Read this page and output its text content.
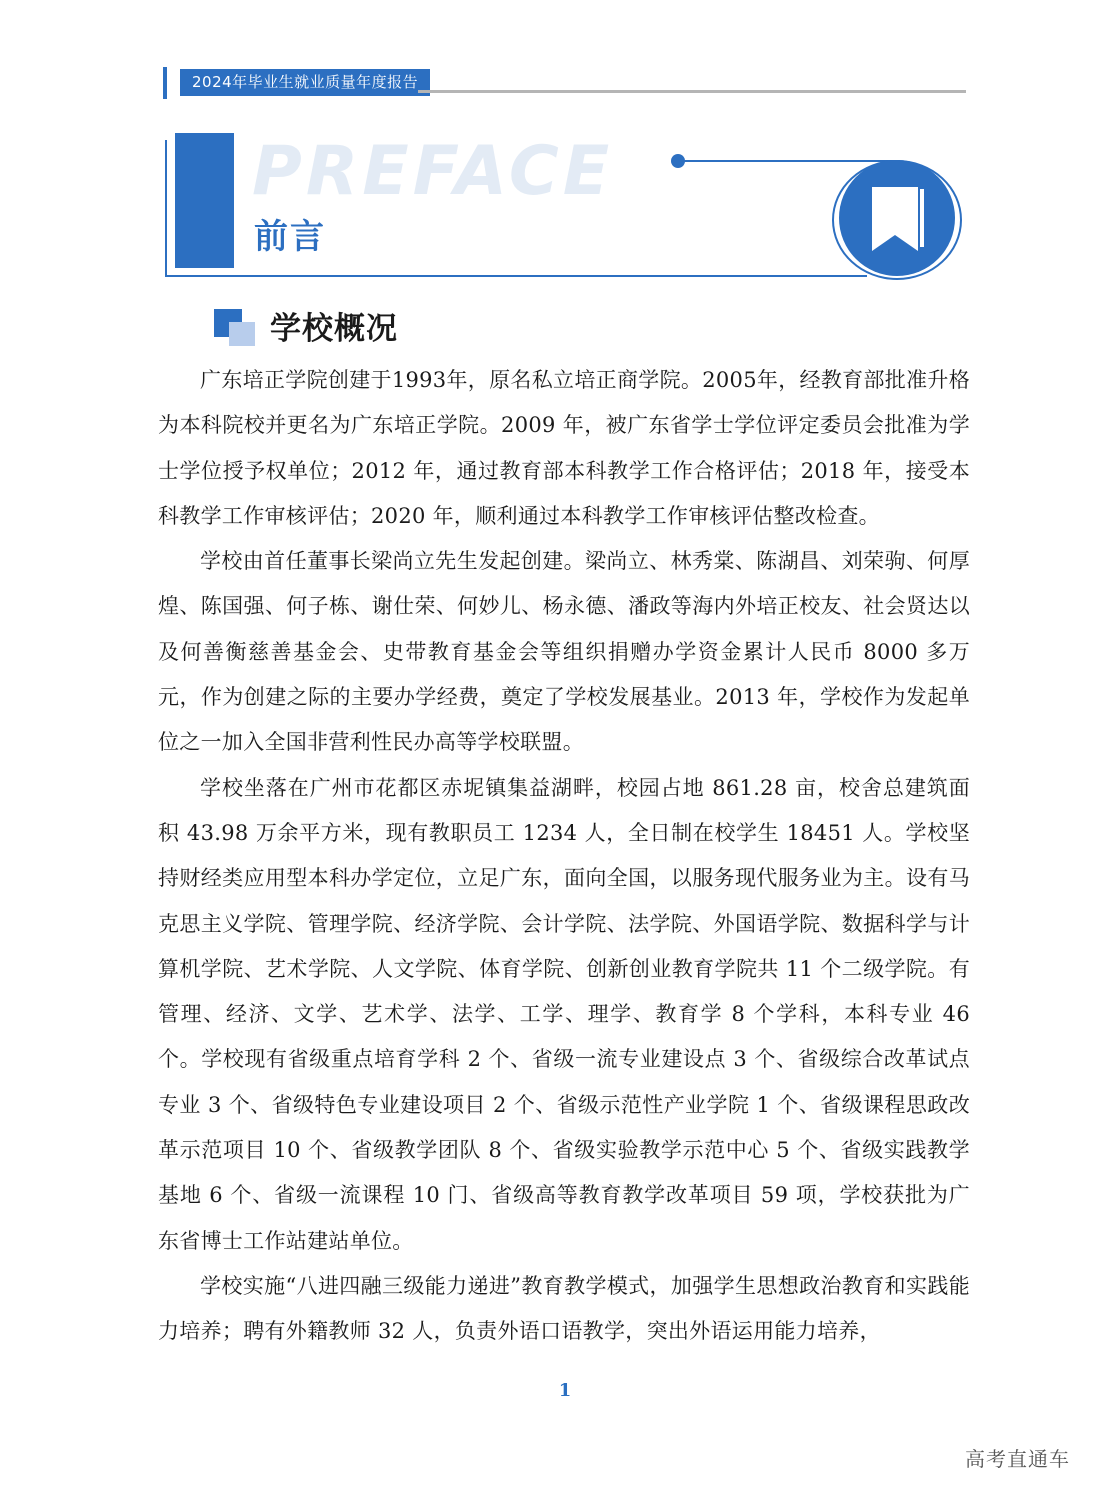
2024年毕业生就业质量年度报告
PREFACE
前言
学校概况

广东培正学院创建于1993年，原名私立培正商学院。2005年，经教育部批准升格为本科院校并更名为广东培正学院。2009 年，被广东省学士学位评定委员会批准为学士学位授予权单位；2012 年，通过教育部本科教学工作合格评估；2018 年，接受本科教学工作审核评估；2020 年，顺利通过本科教学工作审核评估整改检查。

学校由首任董事长梁尚立先生发起创建。梁尚立、林秀棠、陈湖昌、刘荣驹、何厚煌、陈国强、何子栋、谢仕荣、何妙儿、杨永德、潘政等海内外培正校友、社会贤达以及何善衡慈善基金会、史带教育基金会等组织捐赠办学资金累计人民币 8000 多万元，作为创建之际的主要办学经费，奠定了学校发展基业。2013 年，学校作为发起单位之一加入全国非营利性民办高等学校联盟。

学校坐落在广州市花都区赤坭镇集益湖畔，校园占地 861.28 亩，校舍总建筑面积 43.98 万余平方米，现有教职员工 1234 人，全日制在校学生 18451 人。学校坚持财经类应用型本科办学定位，立足广东，面向全国，以服务现代服务业为主。设有马克思主义学院、管理学院、经济学院、会计学院、法学院、外国语学院、数据科学与计算机学院、艺术学院、人文学院、体育学院、创新创业教育学院共 11 个二级学院。有管理、经济、文学、艺术学、法学、工学、理学、教育学 8 个学科，本科专业 46 个。学校现有省级重点培育学科 2 个、省级一流专业建设点 3 个、省级综合改革试点专业 3 个、省级特色专业建设项目 2 个、省级示范性产业学院 1 个、省级课程思政改革示范项目 10 个、省级教学团队 8 个、省级实验教学示范中心 5 个、省级实践教学基地 6 个、省级一流课程 10 门、省级高等教育教学改革项目 59 项，学校获批为广东省博士工作站建站单位。

学校实施“八进四融三级能力递进”教育教学模式，加强学生思想政治教育和实践能力培养；聘有外籍教师 32 人，负责外语口语教学，突出外语运用能力培养，

1
高考直通车
